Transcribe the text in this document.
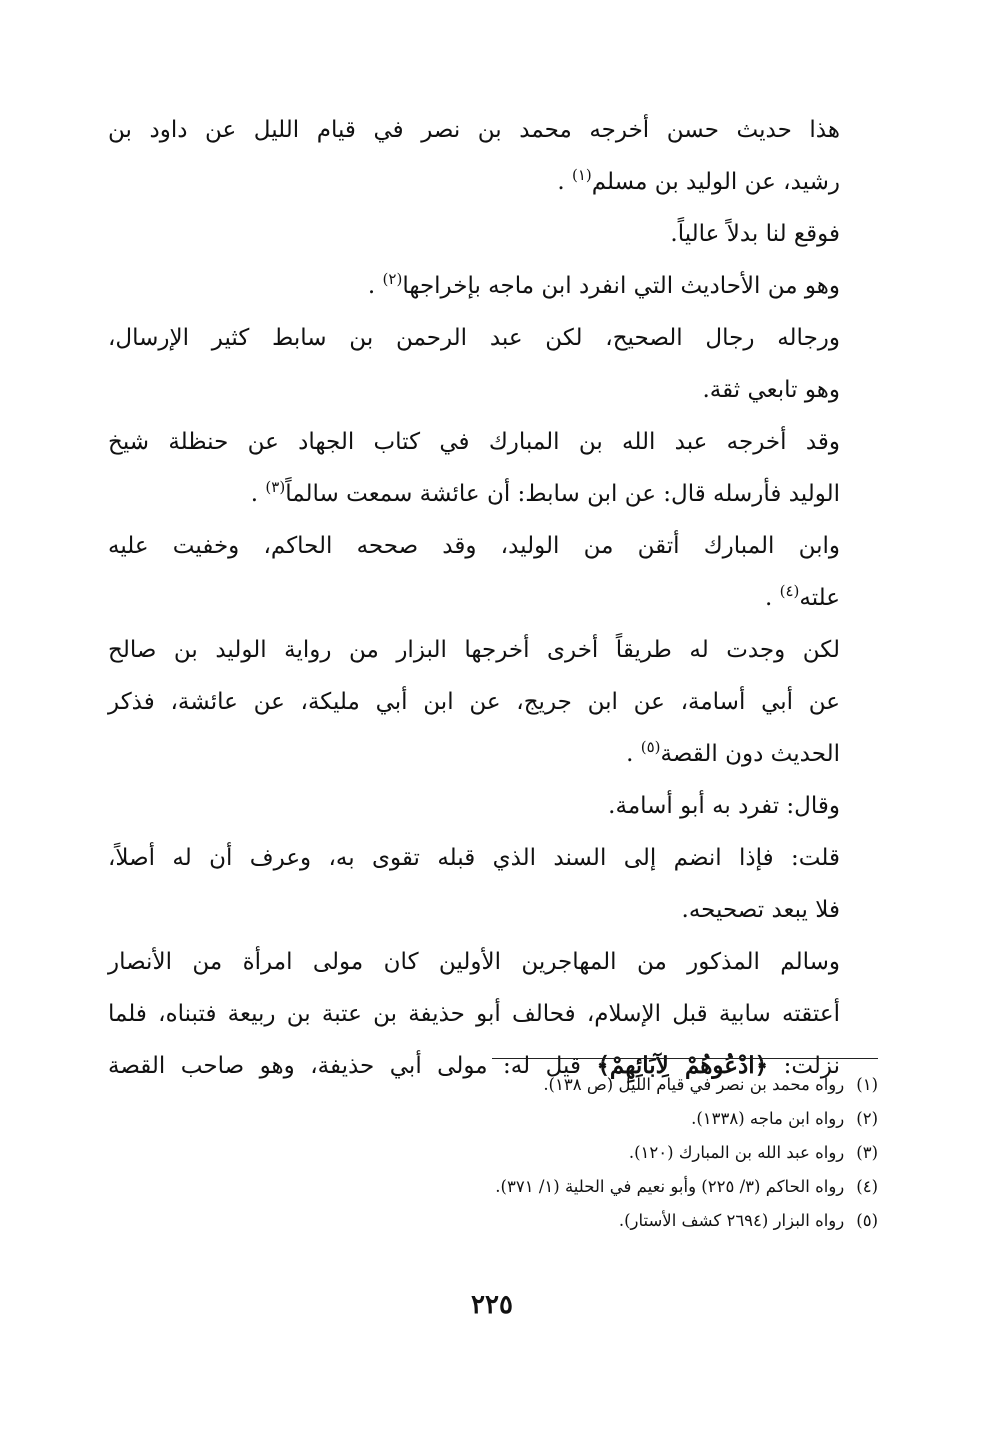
هذا حديث حسن أخرجه محمد بن نصر في قيام الليل عن داود بن
رشيد، عن الوليد بن مسلم$^{(١)}$ .

فوقع لنا بدلاً عالياً.

وهو من الأحاديث التي انفرد ابن ماجه بإخراجها$^{(٢)}$ .

ورجاله رجال الصحيح، لكن عبد الرحمن بن سابط كثير الإرسال،
وهو تابعي ثقة.

وقد أخرجه عبد الله بن المبارك في كتاب الجهاد عن حنظلة شيخ
الوليد فأرسله قال: عن ابن سابط: أن عائشة سمعت سالماً$^{(٣)}$ .

وابن المبارك أتقن من الوليد، وقد صححه الحاكم، وخفيت عليه
علته$^{(٤)}$ .

لكن وجدت له طريقاً أخرى أخرجها البزار من رواية الوليد بن صالح
عن أبي أسامة، عن ابن جريج، عن ابن أبي مليكة، عن عائشة، فذكر
الحديث دون القصة$^{(٥)}$ .

وقال: تفرد به أبو أسامة.

قلت: فإذا انضم إلى السند الذي قبله تقوى به، وعرف أن له أصلاً،
فلا يبعد تصحيحه.

وسالم المذكور من المهاجرين الأولين كان مولى امرأة من الأنصار
أعتقته سابية قبل الإسلام، فحالف أبو حذيفة بن عتبة بن ربيعة فتبناه، فلما
نزلت: ﴿ادْعُوهُمْ لِآبَائِهِمْ﴾ قيل له: مولى أبي حذيفة، وهو صاحب القصة

(١)رواه محمد بن نصر في قيام الليل (ص ١٣٨).
(٢)رواه ابن ماجه (١٣٣٨).
(٣)رواه عبد الله بن المبارك (١٢٠).
(٤)رواه الحاكم (٣/ ٢٢٥) وأبو نعيم في الحلية (١/ ٣٧١).
(٥)رواه البزار (٢٦٩٤ كشف الأستار).
٢٢٥
